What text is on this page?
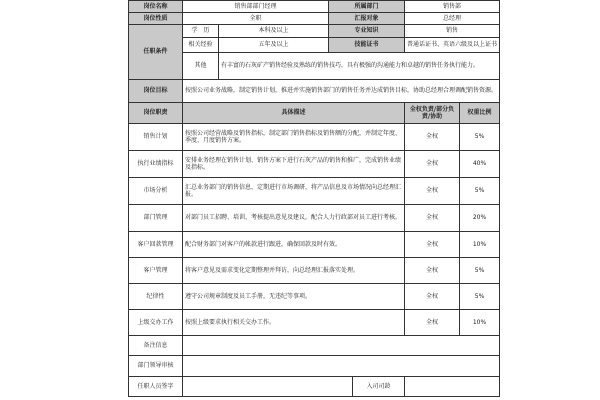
岗位名称	销售部部门经理		所属部门		销售部	
岗位性质	全职		汇报对象		总经理	
任职条件	学　历	本科及以上	专业知识		销售	
	相关经验	五年及以上	技能证书		普通话证书、英语六级及以上证书	
	其他	有丰富的石灰矿产销售经验及熟练的销售技巧，具有极强的沟通能力和卓越的销售任务执行能力。				
岗位目标	按照公司业务战略，制定销售计划，推进并实施销售部门的销售任务并达成销售目标，协助总经理合理调配销售资源。					
岗位职责	具体描述				全权负责/部分负责/协助	权重比例
销售计划	按照公司经营战略及销售指标，制定部门销售指标及销售额的分配，并制定年度、季度、月度销售方案。				全权	5%
执行业绩指标	安排业务经理在销售计划、销售方案下进行石灰产品的销售和推广，完成销售业绩及指标。				全权	40%
市场分析	汇总业务部门的销售信息，定期进行市场调研，将产品信息及市场情况向总经理汇报。				全权	5%
部门管理	对部门员工招聘、培训、考核提出意见及建议，配合人力行政部对员工进行考核。				全权	20%
客户回款管理	配合财务部门对客户的帐款进行跟进，确保回款及时有效。				全权	10%
客户管理	将客户意见及需求变化定期整理并拜访，向总经理汇报落实处理。				全权	5%
纪律性	遵守公司规章制度及员工手册，无违纪等事项。				全权	5%
上级交办工作	按照上级要求执行相关交办工作。				全权	10%
备注信息						
部门领导审核						
任职人员签字				入司司龄		
